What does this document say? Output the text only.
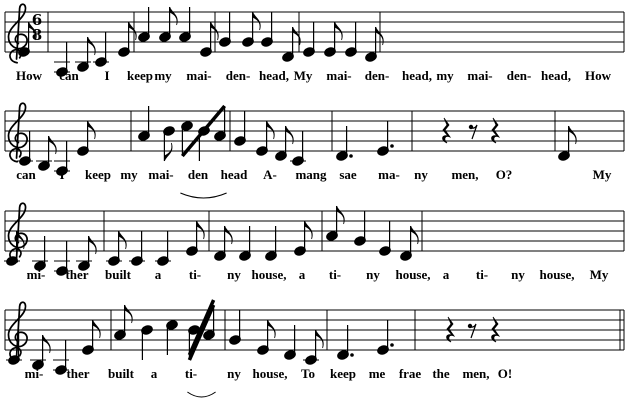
How can I keep my mai- den- head, My mai- den- head, my mai- den- head, How
can I keep my mai- den head A- mang sae ma- ny men, O?	My
mi- ther built a ti- ny house, a ti- ny house, a ti- ny house, My
mi- ther built a ti- ny house, To keep me frae the men, O!
6
8
